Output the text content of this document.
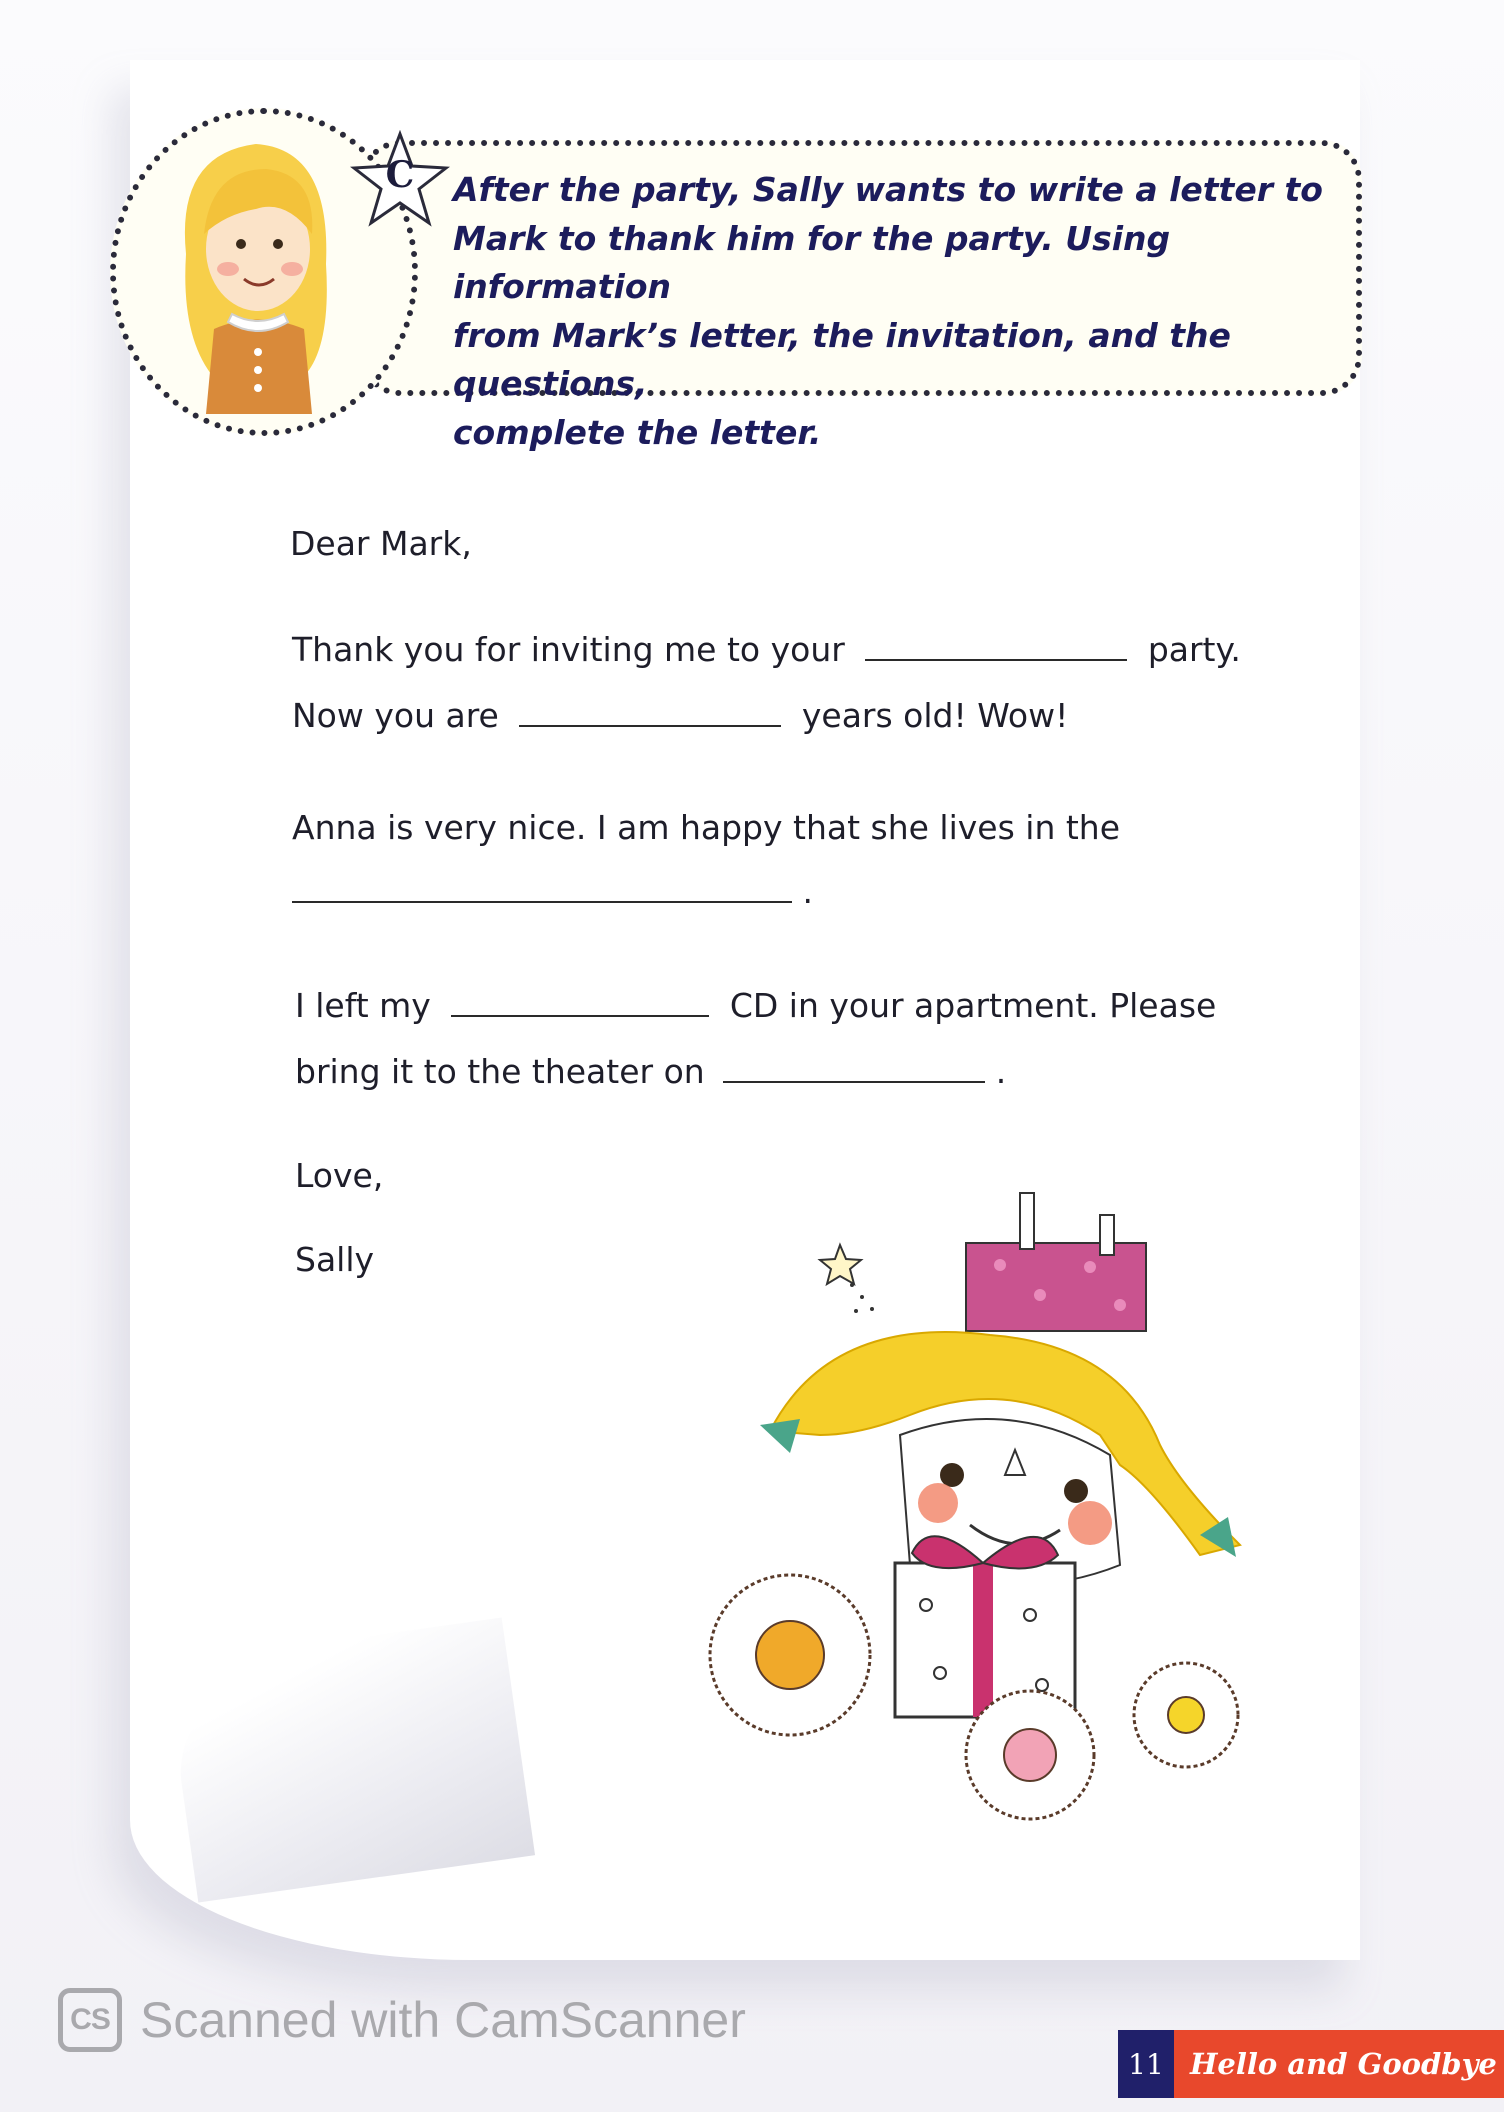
C	After the party, Sally wants to write a letter to
Mark to thank him for the party. Using information
from Mark’s letter, the invitation, and the questions,
complete the letter.

Dear Mark,

Thank you for inviting me to your	party.

Now you are	years old! Wow!

Anna is very nice. I am happy that she lives in the

.

I left my	CD in your apartment. Please

bring it to the theater on	.

Love,

Sally

CS Scanned with CamScanner
11 Hello and Goodbye
